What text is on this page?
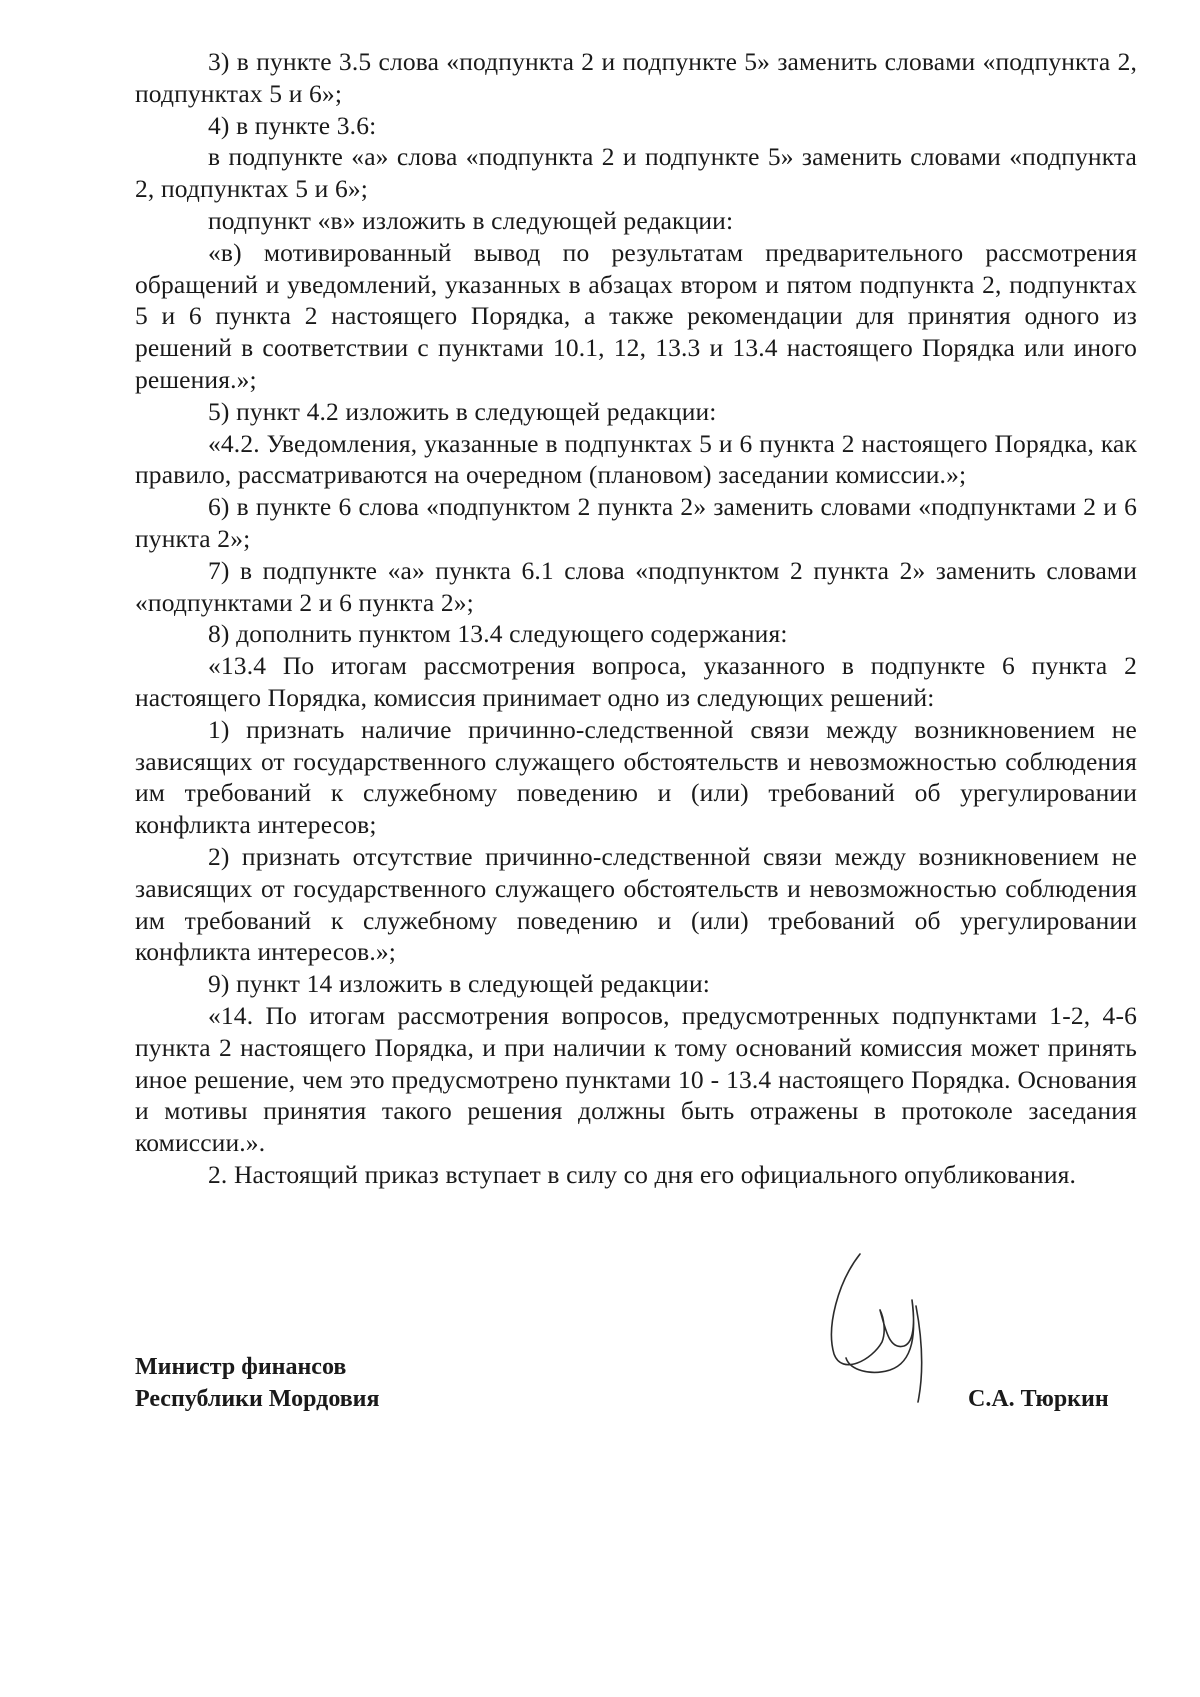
3) в пункте 3.5 слова «подпункта 2 и подпункте 5» заменить словами «подпункта 2, подпунктах 5 и 6»;

4) в пункте 3.6:

в подпункте «а» слова «подпункта 2 и подпункте 5» заменить словами «подпункта 2, подпунктах 5 и 6»;

подпункт «в» изложить в следующей редакции:

«в) мотивированный вывод по результатам предварительного рассмотрения обращений и уведомлений, указанных в абзацах втором и пятом подпункта 2, подпунктах 5 и 6 пункта 2 настоящего Порядка, а также рекомендации для принятия одного из решений в соответствии с пунктами 10.1, 12, 13.3 и 13.4 настоящего Порядка или иного решения.»;

5) пункт 4.2 изложить в следующей редакции:

«4.2. Уведомления, указанные в подпунктах 5 и 6 пункта 2 настоящего Порядка, как правило, рассматриваются на очередном (плановом) заседании комиссии.»;

6) в пункте 6 слова «подпунктом 2 пункта 2» заменить словами «подпунктами 2 и 6 пункта 2»;

7) в подпункте «а» пункта 6.1 слова «подпунктом 2 пункта 2» заменить словами «подпунктами 2 и 6 пункта 2»;

8) дополнить пунктом 13.4 следующего содержания:

«13.4 По итогам рассмотрения вопроса, указанного в подпункте 6 пункта 2 настоящего Порядка, комиссия принимает одно из следующих решений:

1) признать наличие причинно-следственной связи между возникновением не зависящих от государственного служащего обстоятельств и невозможностью соблюдения им требований к служебному поведению и (или) требований об урегулировании конфликта интересов;

2) признать отсутствие причинно-следственной связи между возникновением не зависящих от государственного служащего обстоятельств и невозможностью соблюдения им требований к служебному поведению и (или) требований об урегулировании конфликта интересов.»;

9) пункт 14 изложить в следующей редакции:

«14. По итогам рассмотрения вопросов, предусмотренных подпунктами 1-2, 4-6 пункта 2 настоящего Порядка, и при наличии к тому оснований комиссия может принять иное решение, чем это предусмотрено пунктами 10 - 13.4 настоящего Порядка. Основания и мотивы принятия такого решения должны быть отражены в протоколе заседания комиссии.».

2. Настоящий приказ вступает в силу со дня его официального опубликования.

Министр финансов
Республики Мордовия	С.А. Тюркин
